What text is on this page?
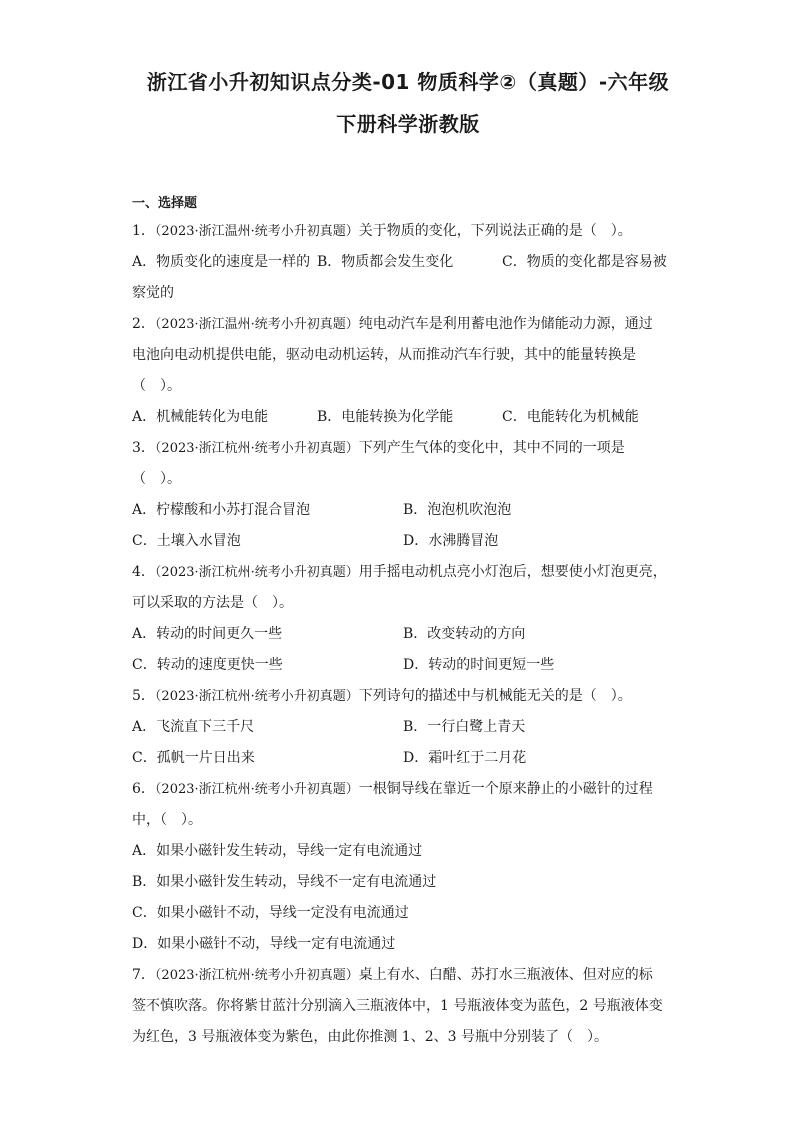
浙江省小升初知识点分类-01 物质科学②（真题）-六年级
下册科学浙教版
一、选择题
1．（2023·浙江温州·统考小升初真题）关于物质的变化，下列说法正确的是（　）。
A．物质变化的速度是一样的 B．物质都会发生变化	C．物质的变化都是容易被
察觉的
2．（2023·浙江温州·统考小升初真题）纯电动汽车是利用蓄电池作为储能动力源，通过
电池向电动机提供电能，驱动电动机运转，从而推动汽车行驶，其中的能量转换是
（　）。
A．机械能转化为电能	B．电能转换为化学能	C．电能转化为机械能
3．（2023·浙江杭州·统考小升初真题）下列产生气体的变化中，其中不同的一项是
（　）。
A．柠檬酸和小苏打混合冒泡	B．泡泡机吹泡泡
C．土壤入水冒泡	D．水沸腾冒泡
4．（2023·浙江杭州·统考小升初真题）用手摇电动机点亮小灯泡后，想要使小灯泡更亮，
可以采取的方法是（　）。
A．转动的时间更久一些	B．改变转动的方向
C．转动的速度更快一些	D．转动的时间更短一些
5．（2023·浙江杭州·统考小升初真题）下列诗句的描述中与机械能无关的是（　）。
A．飞流直下三千尺	B．一行白鹭上青天
C．孤帆一片日出来	D．霜叶红于二月花
6．（2023·浙江杭州·统考小升初真题）一根铜导线在靠近一个原来静止的小磁针的过程
中，（　）。
A．如果小磁针发生转动，导线一定有电流通过
B．如果小磁针发生转动，导线不一定有电流通过
C．如果小磁针不动，导线一定没有电流通过
D．如果小磁针不动，导线一定有电流通过
7．（2023·浙江杭州·统考小升初真题）桌上有水、白醋、苏打水三瓶液体、但对应的标
签不慎吹落。你将紫甘蓝汁分别滴入三瓶液体中，1 号瓶液体变为蓝色，2 号瓶液体变
为红色，3 号瓶液体变为紫色，由此你推测 1、2、3 号瓶中分别装了（　）。
